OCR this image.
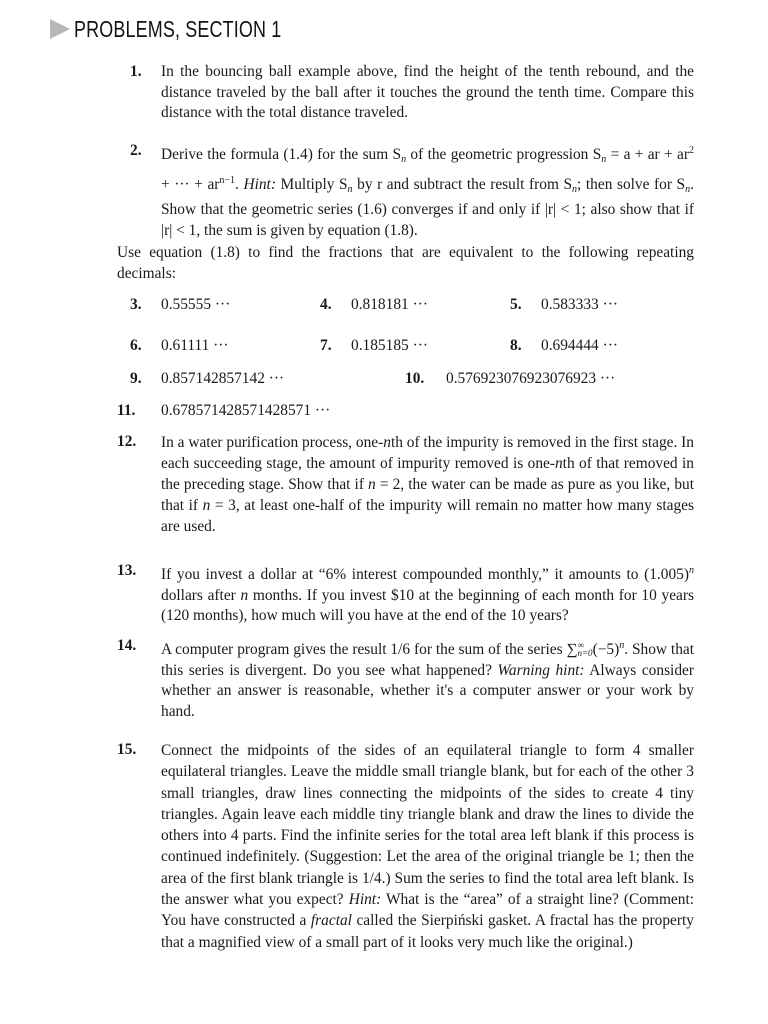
PROBLEMS, SECTION 1
1. In the bouncing ball example above, find the height of the tenth rebound, and the distance traveled by the ball after it touches the ground the tenth time. Compare this distance with the total distance traveled.
2. Derive the formula (1.4) for the sum Sn of the geometric progression Sn = a + ar + $ar^2$ + ··· + $ar^{n-1}$. Hint: Multiply Sn by r and subtract the result from Sn; then solve for Sn. Show that the geometric series (1.6) converges if and only if |r| < 1; also show that if |r| < 1, the sum is given by equation (1.8).
Use equation (1.8) to find the fractions that are equivalent to the following repeating decimals:
3. 0.55555 ···	4. 0.818181 ···	5. 0.583333 ···
6. 0.61111 ···	7. 0.185185 ···	8. 0.694444 ···
9. 0.857142857142 ···	10. 0.576923076923076923 ···
11. 0.678571428571428571 ···
12. In a water purification process, one-nth of the impurity is removed in the first stage. In each succeeding stage, the amount of impurity removed is one-nth of that removed in the preceding stage. Show that if n = 2, the water can be made as pure as you like, but that if n = 3, at least one-half of the impurity will remain no matter how many stages are used.
13. If you invest a dollar at “6% interest compounded monthly,” it amounts to $(1.005)^n$ dollars after n months. If you invest $10 at the beginning of each month for 10 years (120 months), how much will you have at the end of the 10 years?
14. A computer program gives the result 1/6 for the sum of the series ∑ ∞
n=0 $(-5)^n$. Show that this series is divergent. Do you see what happened? Warning hint: Always consider whether an answer is reasonable, whether it's a computer answer or your work by hand.
15. Connect the midpoints of the sides of an equilateral triangle to form 4 smaller equilateral triangles. Leave the middle small triangle blank, but for each of the other 3 small triangles, draw lines connecting the midpoints of the sides to create 4 tiny triangles. Again leave each middle tiny triangle blank and draw the lines to divide the others into 4 parts. Find the infinite series for the total area left blank if this process is continued indefinitely. (Suggestion: Let the area of the original triangle be 1; then the area of the first blank triangle is 1/4.) Sum the series to find the total area left blank. Is the answer what you expect? Hint: What is the “area” of a straight line? (Comment: You have constructed a fractal called the Sierpiński gasket. A fractal has the property that a magnified view of a small part of it looks very much like the original.)
